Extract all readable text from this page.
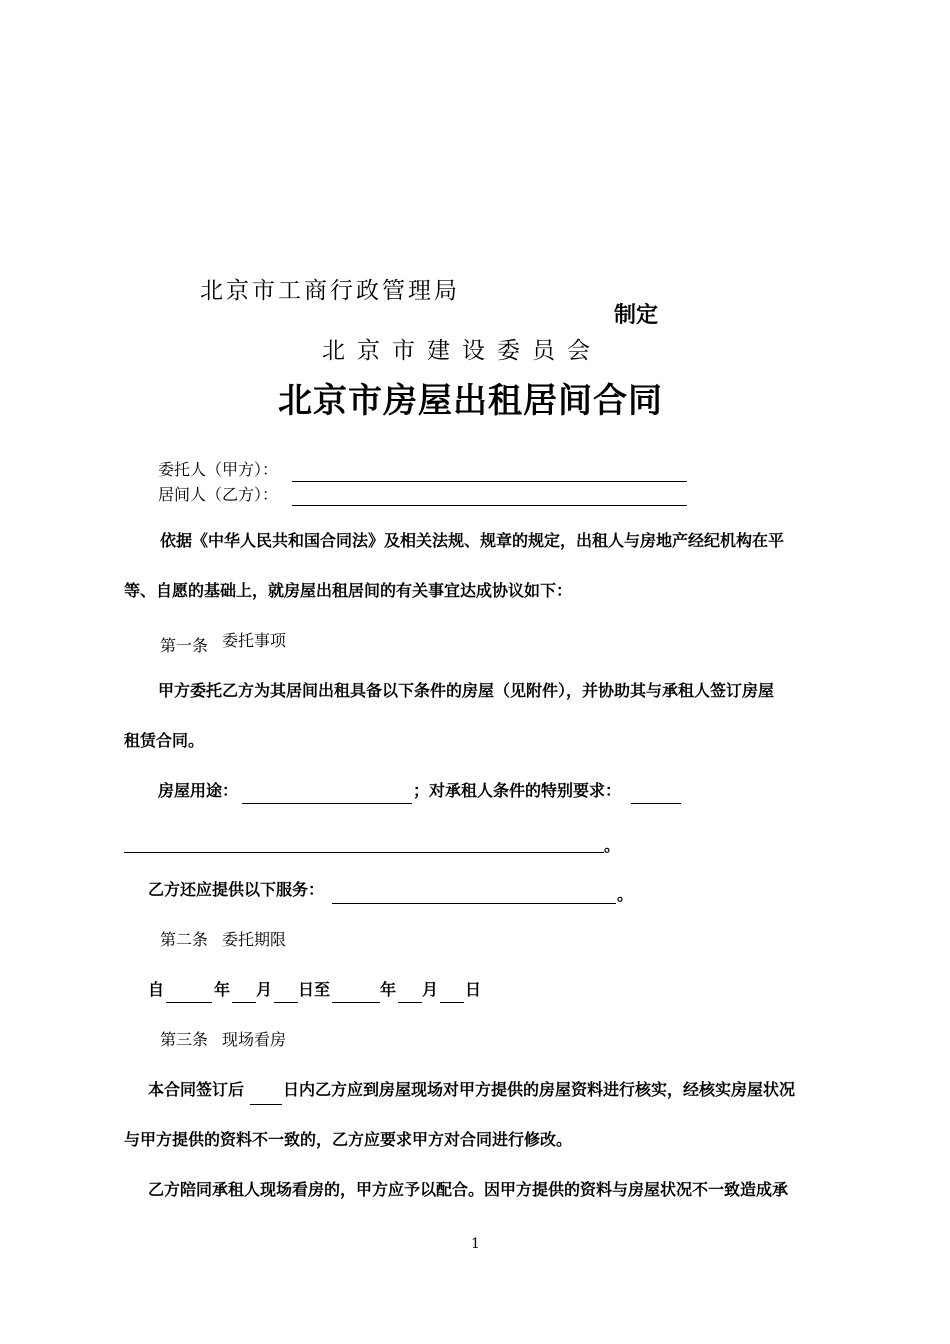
北京市工商行政管理局
北京市建设委员会
制定
北京市房屋出租居间合同
委托人（甲方）：
居间人（乙方）：
依据《中华人民共和国合同法》及相关法规、规章的规定，出租人与房地产经纪机构在平
等、自愿的基础上，就房屋出租居间的有关事宜达成协议如下：
第一条 委托事项
甲方委托乙方为其居间出租具备以下条件的房屋（见附件），并协助其与承租人签订房屋
租赁合同。
房屋用途：	；对承租人条件的特别要求：
。
乙方还应提供以下服务：	。
第二条 委托期限
自	年 月 日至	年 月 日
第三条 现场看房
本合同签订后 日内乙方应到房屋现场对甲方提供的房屋资料进行核实，经核实房屋状况
与甲方提供的资料不一致的，乙方应要求甲方对合同进行修改。
乙方陪同承租人现场看房的，甲方应予以配合。因甲方提供的资料与房屋状况不一致造成承
1
